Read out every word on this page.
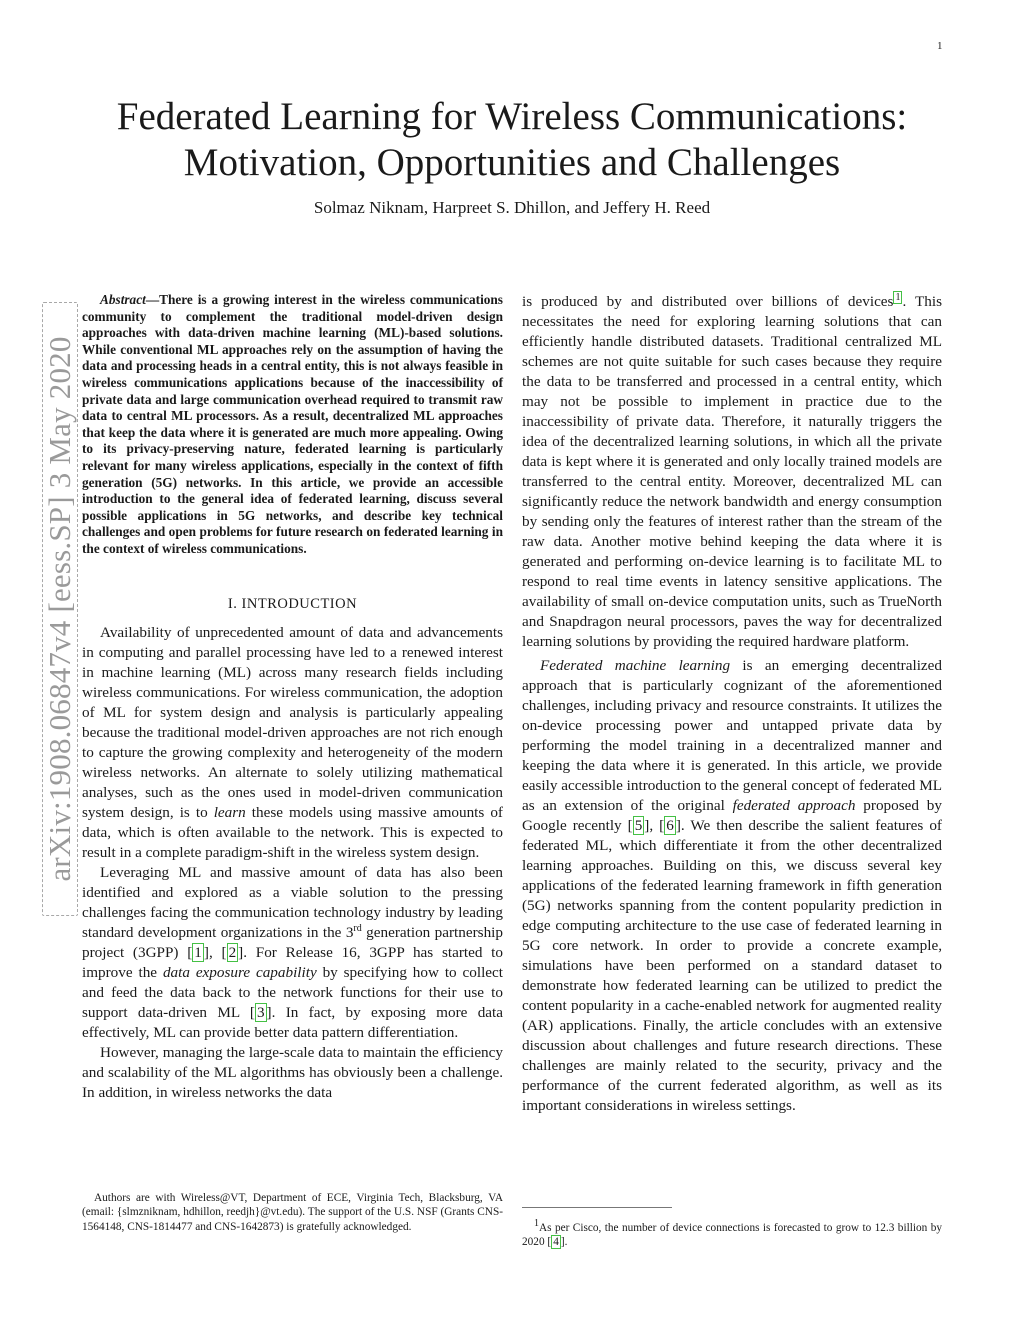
1
arXiv:1908.06847v4 [eess.SP] 3 May 2020
Federated Learning for Wireless Communications:
Motivation, Opportunities and Challenges
Solmaz Niknam, Harpreet S. Dhillon, and Jeffery H. Reed

Abstract—There is a growing interest in the wireless communications community to complement the traditional model-driven design approaches with data-driven machine learning (ML)-based solutions. While conventional ML approaches rely on the assumption of having the data and processing heads in a central entity, this is not always feasible in wireless communications applications because of the inaccessibility of private data and large communication overhead required to transmit raw data to central ML processors. As a result, decentralized ML approaches that keep the data where it is generated are much more appealing. Owing to its privacy-preserving nature, federated learning is particularly relevant for many wireless applications, especially in the context of fifth generation (5G) networks. In this article, we provide an accessible introduction to the general idea of federated learning, discuss several possible applications in 5G networks, and describe key technical challenges and open problems for future research on federated learning in the context of wireless communications.

I. INTRODUCTION

Availability of unprecedented amount of data and advancements in computing and parallel processing have led to a renewed interest in machine learning (ML) across many research fields including wireless communications. For wireless communication, the adoption of ML for system design and analysis is particularly appealing because the traditional model-driven approaches are not rich enough to capture the growing complexity and heterogeneity of the modern wireless networks. An alternate to solely utilizing mathematical analyses, such as the ones used in model-driven communication system design, is to learn these models using massive amounts of data, which is often available to the network. This is expected to result in a complete paradigm-shift in the wireless system design.

Leveraging ML and massive amount of data has also been identified and explored as a viable solution to the pressing challenges facing the communication technology industry by leading standard development organizations in the 3rd generation partnership project (3GPP) [ 1 ], [ 2 ]. For Release 16, 3GPP has started to improve the data exposure capability by specifying how to collect and feed the data back to the network functions for their use to support data-driven ML [ 3 ]. In fact, by exposing more data effectively, ML can provide better data pattern differentiation.

However, managing the large-scale data to maintain the efficiency and scalability of the ML algorithms has obviously been a challenge. In addition, in wireless networks the data

is produced by and distributed over billions of devices $^1$ . This necessitates the need for exploring learning solutions that can efficiently handle distributed datasets. Traditional centralized ML schemes are not quite suitable for such cases because they require the data to be transferred and processed in a central entity, which may not be possible to implement in practice due to the inaccessibility of private data. Therefore, it naturally triggers the idea of the decentralized learning solutions, in which all the private data is kept where it is generated and only locally trained models are transferred to the central entity. Moreover, decentralized ML can significantly reduce the network bandwidth and energy consumption by sending only the features of interest rather than the stream of the raw data. Another motive behind keeping the data where it is generated and performing on-device learning is to facilitate ML to respond to real time events in latency sensitive applications. The availability of small on-device computation units, such as TrueNorth and Snapdragon neural processors, paves the way for decentralized learning solutions by providing the required hardware platform.

Federated machine learning is an emerging decentralized approach that is particularly cognizant of the aforementioned challenges, including privacy and resource constraints. It utilizes the on-device processing power and untapped private data by performing the model training in a decentralized manner and keeping the data where it is generated. In this article, we provide easily accessible introduction to the general concept of federated ML as an extension of the original federated approach proposed by Google recently [ 5 ], [ 6 ]. We then describe the salient features of federated ML, which differentiate it from the other decentralized learning approaches. Building on this, we discuss several key applications of the federated learning framework in fifth generation (5G) networks spanning from the content popularity prediction in edge computing architecture to the use case of federated learning in 5G core network. In order to provide a concrete example, simulations have been performed on a standard dataset to demonstrate how federated learning can be utilized to predict the content popularity in a cache-enabled network for augmented reality (AR) applications. Finally, the article concludes with an extensive discussion about challenges and future research directions. These challenges are mainly related to the security, privacy and the performance of the current federated algorithm, as well as its important considerations in wireless settings.

Authors are with Wireless@VT, Department of ECE, Virginia Tech, Blacksburg, VA (email: {slmzniknam, hdhillon, reedjh}@vt.edu). The support of the U.S. NSF (Grants CNS-1564148, CNS-1814477 and CNS-1642873) is gratefully acknowledged.	$^1$As per Cisco, the number of device connections is forecasted to grow to 12.3 billion by 2020 [ 4 ].
